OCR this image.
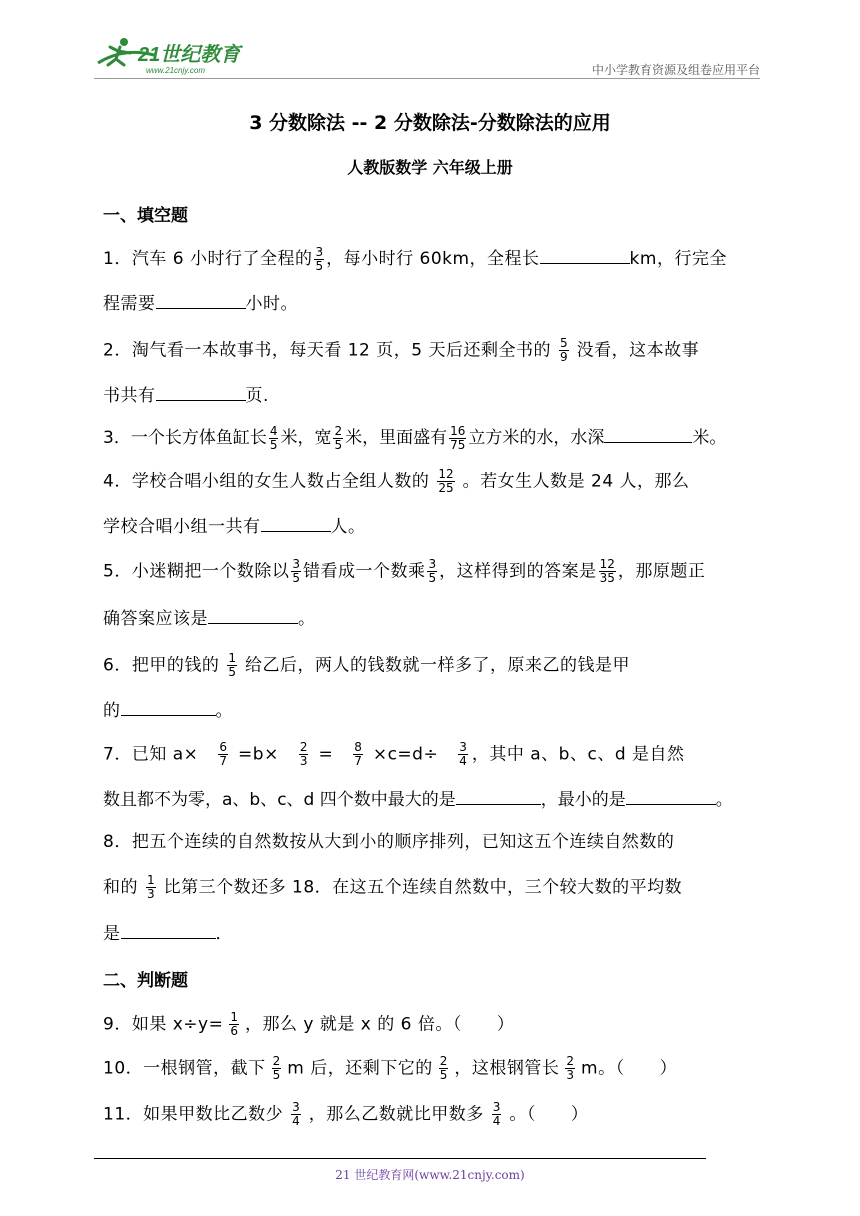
21世纪教育
www.21cnjy.com	中小学教育资源及组卷应用平台
3 分数除法 -- 2 分数除法-分数除法的应用
人教版数学 六年级上册
一、填空题
1．汽车 6 小时行了全程的 $\frac{3}{5}$ ，每小时行 60km，全程长	km，行完全
程需要	小时。
2．淘气看一本故事书，每天看 12 页，5 天后还剩全书的 $\frac{5}{9}$ 没看，这本故事
书共有	页.
3．一个长方体鱼缸长 $\frac{4}{5}$ 米，宽 $\frac{2}{5}$ 米，里面盛有 $\frac{16}{75}$ 立方米的水，水深	米。
4．学校合唱小组的女生人数占全组人数的 $\frac{12}{25}$ 。若女生人数是 24 人，那么
学校合唱小组一共有	人。
5．小迷糊把一个数除以 $\frac{3}{5}$ 错看成一个数乘 $\frac{3}{5}$ ，这样得到的答案是 $\frac{12}{35}$ ，那原题正
确答案应该是	。
6．把甲的钱的 $\frac{1}{5}$ 给乙后，两人的钱数就一样多了，原来乙的钱是甲
的	。
7．已知 $a\times \frac{6}{7} =b\times \frac{2}{3} = \frac{8}{7} \times c=d\div \frac{3}{4}$ ，其中 a、b、c、d 是自然
数且都不为零，a、b、c、d 四个数中最大的是	，最小的是	。
8．把五个连续的自然数按从大到小的顺序排列，已知这五个连续自然数的
和的 $\frac{1}{3}$ 比第三个数还多 18．在这五个连续自然数中，三个较大数的平均数
是	．
二、判断题
9．如果 $x\div y= \frac{1}{6}$ ，那么 y 就是 x 的 6 倍。（　　）
10．一根钢管，截下 $\frac{2}{5}$ m 后，还剩下它的 $\frac{2}{5}$ ，这根钢管长 $\frac{2}{3}$ m。（　　）
11．如果甲数比乙数少 $\frac{3}{4}$ ，那么乙数就比甲数多 $\frac{3}{4}$ 。（　　）
21 世纪教育网(www.21cnjy.com)
